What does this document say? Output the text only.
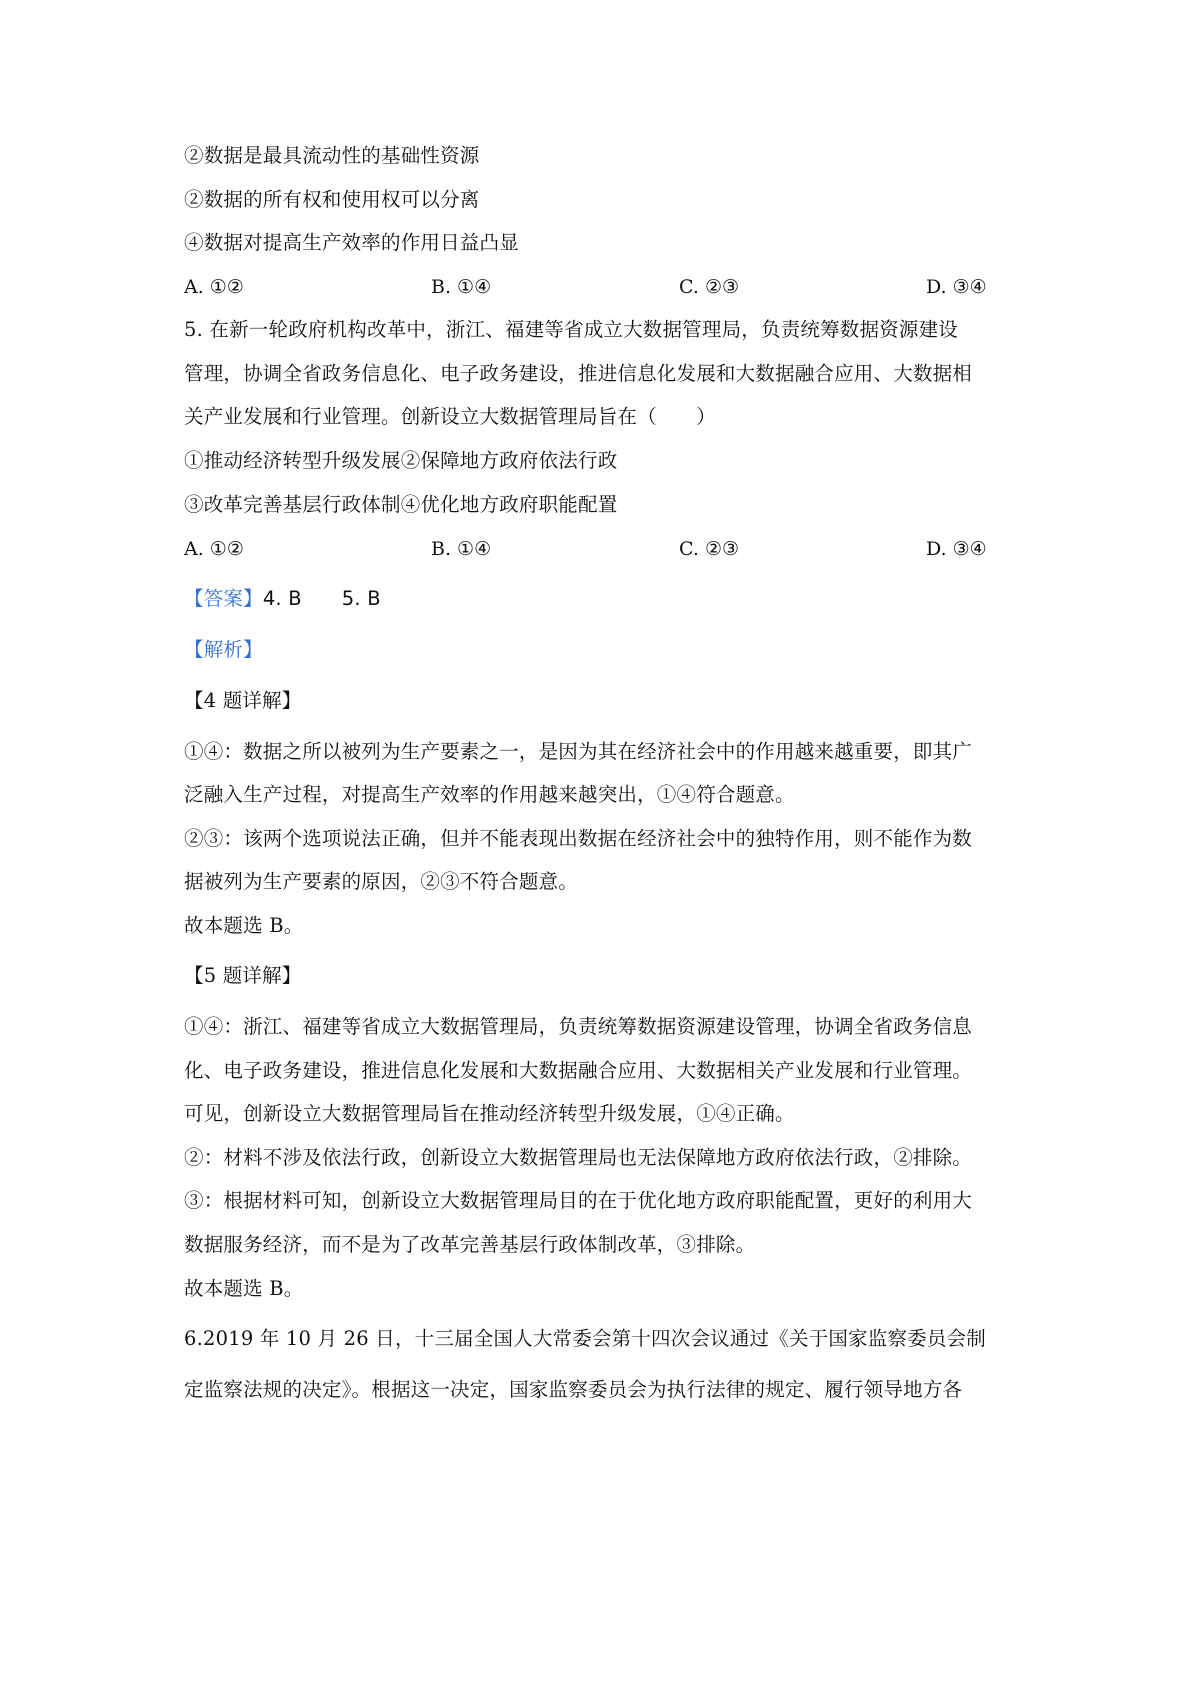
②数据是最具流动性的基础性资源
②数据的所有权和使用权可以分离
④数据对提高生产效率的作用日益凸显
A. ①②	B. ①④	C. ②③	D. ③④
5. 在新一轮政府机构改革中，浙江、福建等省成立大数据管理局，负责统筹数据资源建设
管理，协调全省政务信息化、电子政务建设，推进信息化发展和大数据融合应用、大数据相
关产业发展和行业管理。创新设立大数据管理局旨在（　　）
①推动经济转型升级发展②保障地方政府依法行政
③改革完善基层行政体制④优化地方政府职能配置
A. ①②	B. ①④	C. ②③	D. ③④
【答案】4. B 5. B
【解析】
【4 题详解】
①④：数据之所以被列为生产要素之一，是因为其在经济社会中的作用越来越重要，即其广
泛融入生产过程，对提高生产效率的作用越来越突出，①④符合题意。
②③：该两个选项说法正确，但并不能表现出数据在经济社会中的独特作用，则不能作为数
据被列为生产要素的原因，②③不符合题意。
故本题选 B。
【5 题详解】
①④：浙江、福建等省成立大数据管理局，负责统筹数据资源建设管理，协调全省政务信息
化、电子政务建设，推进信息化发展和大数据融合应用、大数据相关产业发展和行业管理。
可见，创新设立大数据管理局旨在推动经济转型升级发展，①④正确。
②：材料不涉及依法行政，创新设立大数据管理局也无法保障地方政府依法行政，②排除。
③：根据材料可知，创新设立大数据管理局目的在于优化地方政府职能配置，更好的利用大
数据服务经济，而不是为了改革完善基层行政体制改革，③排除。
故本题选 B。
6.2019 年 10 月 26 日，十三届全国人大常委会第十四次会议通过《关于国家监察委员会制
定监察法规的决定》。根据这一决定，国家监察委员会为执行法律的规定、履行领导地方各
